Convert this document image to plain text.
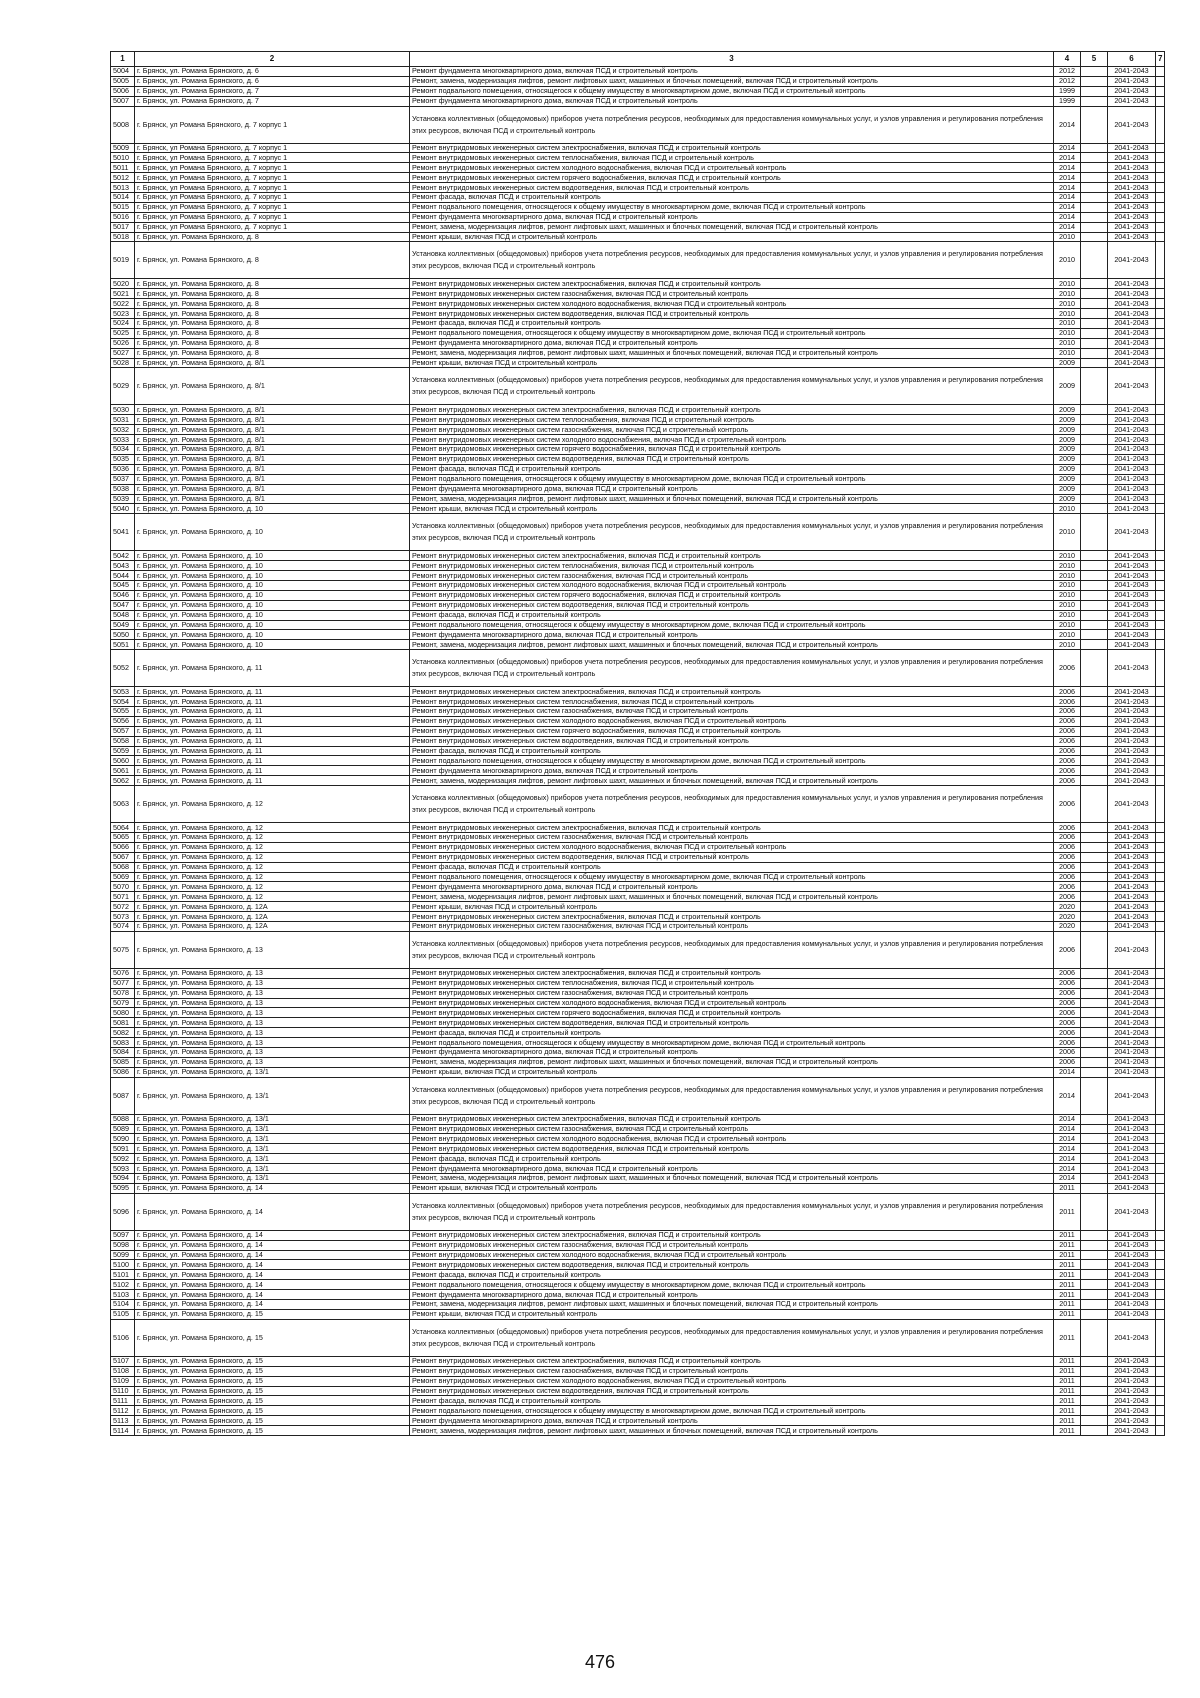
1	2	3	4	5	6	7
5004	г. Брянск, ул. Романа Брянского, д. 6	Ремонт фундамента многоквартирного дома, включая ПСД и строительный контроль	2012		2041-2043	
5005	г. Брянск, ул. Романа Брянского, д. 6	Ремонт, замена, модернизация лифтов, ремонт лифтовых шахт, машинных и блочных помещений, включая ПСД и строительный контроль	2012		2041-2043	
5006	г. Брянск, ул. Романа Брянского, д. 7	Ремонт подвального помещения, относящегося к общему имуществу в многоквартирном доме, включая ПСД и строительный контроль	1999		2041-2043	
5007	г. Брянск, ул. Романа Брянского, д. 7	Ремонт фундамента многоквартирного дома, включая ПСД и строительный контроль	1999		2041-2043	
5008	г. Брянск, ул Романа Брянского, д. 7 корпус 1	Установка коллективных (общедомовых) приборов учета потребления ресурсов, необходимых для предоставления коммунальных услуг, и узлов управления и регулирования потребления этих ресурсов, включая ПСД и строительный контроль	2014		2041-2043	
5009	г. Брянск, ул Романа Брянского, д. 7 корпус 1	Ремонт внутридомовых инженерных систем электроснабжения, включая ПСД и строительный контроль	2014		2041-2043	
5010	г. Брянск, ул Романа Брянского, д. 7 корпус 1	Ремонт внутридомовых инженерных систем теплоснабжения, включая ПСД и строительный контроль	2014		2041-2043	
5011	г. Брянск, ул Романа Брянского, д. 7 корпус 1	Ремонт внутридомовых инженерных систем холодного водоснабжения, включая ПСД и строительный контроль	2014		2041-2043	
5012	г. Брянск, ул Романа Брянского, д. 7 корпус 1	Ремонт внутридомовых инженерных систем горячего водоснабжения, включая ПСД и строительный контроль	2014		2041-2043	
5013	г. Брянск, ул Романа Брянского, д. 7 корпус 1	Ремонт внутридомовых инженерных систем водоотведения, включая ПСД и строительный контроль	2014		2041-2043	
5014	г. Брянск, ул Романа Брянского, д. 7 корпус 1	Ремонт фасада, включая ПСД и строительный контроль	2014		2041-2043	
5015	г. Брянск, ул Романа Брянского, д. 7 корпус 1	Ремонт подвального помещения, относящегося к общему имуществу в многоквартирном доме, включая ПСД и строительный контроль	2014		2041-2043	
5016	г. Брянск, ул Романа Брянского, д. 7 корпус 1	Ремонт фундамента многоквартирного дома, включая ПСД и строительный контроль	2014		2041-2043	
5017	г. Брянск, ул Романа Брянского, д. 7 корпус 1	Ремонт, замена, модернизация лифтов, ремонт лифтовых шахт, машинных и блочных помещений, включая ПСД и строительный контроль	2014		2041-2043	
5018	г. Брянск, ул. Романа Брянского, д. 8	Ремонт крыши, включая ПСД и строительный контроль	2010		2041-2043	
5019	г. Брянск, ул. Романа Брянского, д. 8	Установка коллективных (общедомовых) приборов учета потребления ресурсов, необходимых для предоставления коммунальных услуг, и узлов управления и регулирования потребления этих ресурсов, включая ПСД и строительный контроль	2010		2041-2043	
5020	г. Брянск, ул. Романа Брянского, д. 8	Ремонт внутридомовых инженерных систем электроснабжения, включая ПСД и строительный контроль	2010		2041-2043	
5021	г. Брянск, ул. Романа Брянского, д. 8	Ремонт внутридомовых инженерных систем газоснабжения, включая ПСД и строительный контроль	2010		2041-2043	
5022	г. Брянск, ул. Романа Брянского, д. 8	Ремонт внутридомовых инженерных систем холодного водоснабжения, включая ПСД и строительный контроль	2010		2041-2043	
5023	г. Брянск, ул. Романа Брянского, д. 8	Ремонт внутридомовых инженерных систем водоотведения, включая ПСД и строительный контроль	2010		2041-2043	
5024	г. Брянск, ул. Романа Брянского, д. 8	Ремонт фасада, включая ПСД и строительный контроль	2010		2041-2043	
5025	г. Брянск, ул. Романа Брянского, д. 8	Ремонт подвального помещения, относящегося к общему имуществу в многоквартирном доме, включая ПСД и строительный контроль	2010		2041-2043	
5026	г. Брянск, ул. Романа Брянского, д. 8	Ремонт фундамента многоквартирного дома, включая ПСД и строительный контроль	2010		2041-2043	
5027	г. Брянск, ул. Романа Брянского, д. 8	Ремонт, замена, модернизация лифтов, ремонт лифтовых шахт, машинных и блочных помещений, включая ПСД и строительный контроль	2010		2041-2043	
5028	г. Брянск, ул. Романа Брянского, д. 8/1	Ремонт крыши, включая ПСД и строительный контроль	2009		2041-2043	
5029	г. Брянск, ул. Романа Брянского, д. 8/1	Установка коллективных (общедомовых) приборов учета потребления ресурсов, необходимых для предоставления коммунальных услуг, и узлов управления и регулирования потребления этих ресурсов, включая ПСД и строительный контроль	2009		2041-2043	
5030	г. Брянск, ул. Романа Брянского, д. 8/1	Ремонт внутридомовых инженерных систем электроснабжения, включая ПСД и строительный контроль	2009		2041-2043	
5031	г. Брянск, ул. Романа Брянского, д. 8/1	Ремонт внутридомовых инженерных систем теплоснабжения, включая ПСД и строительный контроль	2009		2041-2043	
5032	г. Брянск, ул. Романа Брянского, д. 8/1	Ремонт внутридомовых инженерных систем газоснабжения, включая ПСД и строительный контроль	2009		2041-2043	
5033	г. Брянск, ул. Романа Брянского, д. 8/1	Ремонт внутридомовых инженерных систем холодного водоснабжения, включая ПСД и строительный контроль	2009		2041-2043	
5034	г. Брянск, ул. Романа Брянского, д. 8/1	Ремонт внутридомовых инженерных систем горячего водоснабжения, включая ПСД и строительный контроль	2009		2041-2043	
5035	г. Брянск, ул. Романа Брянского, д. 8/1	Ремонт внутридомовых инженерных систем водоотведения, включая ПСД и строительный контроль	2009		2041-2043	
5036	г. Брянск, ул. Романа Брянского, д. 8/1	Ремонт фасада, включая ПСД и строительный контроль	2009		2041-2043	
5037	г. Брянск, ул. Романа Брянского, д. 8/1	Ремонт подвального помещения, относящегося к общему имуществу в многоквартирном доме, включая ПСД и строительный контроль	2009		2041-2043	
5038	г. Брянск, ул. Романа Брянского, д. 8/1	Ремонт фундамента многоквартирного дома, включая ПСД и строительный контроль	2009		2041-2043	
5039	г. Брянск, ул. Романа Брянского, д. 8/1	Ремонт, замена, модернизация лифтов, ремонт лифтовых шахт, машинных и блочных помещений, включая ПСД и строительный контроль	2009		2041-2043	
5040	г. Брянск, ул. Романа Брянского, д. 10	Ремонт крыши, включая ПСД и строительный контроль	2010		2041-2043	
5041	г. Брянск, ул. Романа Брянского, д. 10	Установка коллективных (общедомовых) приборов учета потребления ресурсов, необходимых для предоставления коммунальных услуг, и узлов управления и регулирования потребления этих ресурсов, включая ПСД и строительный контроль	2010		2041-2043	
5042	г. Брянск, ул. Романа Брянского, д. 10	Ремонт внутридомовых инженерных систем электроснабжения, включая ПСД и строительный контроль	2010		2041-2043	
5043	г. Брянск, ул. Романа Брянского, д. 10	Ремонт внутридомовых инженерных систем теплоснабжения, включая ПСД и строительный контроль	2010		2041-2043	
5044	г. Брянск, ул. Романа Брянского, д. 10	Ремонт внутридомовых инженерных систем газоснабжения, включая ПСД и строительный контроль	2010		2041-2043	
5045	г. Брянск, ул. Романа Брянского, д. 10	Ремонт внутридомовых инженерных систем холодного водоснабжения, включая ПСД и строительный контроль	2010		2041-2043	
5046	г. Брянск, ул. Романа Брянского, д. 10	Ремонт внутридомовых инженерных систем горячего водоснабжения, включая ПСД и строительный контроль	2010		2041-2043	
5047	г. Брянск, ул. Романа Брянского, д. 10	Ремонт внутридомовых инженерных систем водоотведения, включая ПСД и строительный контроль	2010		2041-2043	
5048	г. Брянск, ул. Романа Брянского, д. 10	Ремонт фасада, включая ПСД и строительный контроль	2010		2041-2043	
5049	г. Брянск, ул. Романа Брянского, д. 10	Ремонт подвального помещения, относящегося к общему имуществу в многоквартирном доме, включая ПСД и строительный контроль	2010		2041-2043	
5050	г. Брянск, ул. Романа Брянского, д. 10	Ремонт фундамента многоквартирного дома, включая ПСД и строительный контроль	2010		2041-2043	
5051	г. Брянск, ул. Романа Брянского, д. 10	Ремонт, замена, модернизация лифтов, ремонт лифтовых шахт, машинных и блочных помещений, включая ПСД и строительный контроль	2010		2041-2043	
5052	г. Брянск, ул. Романа Брянского, д. 11	Установка коллективных (общедомовых) приборов учета потребления ресурсов, необходимых для предоставления коммунальных услуг, и узлов управления и регулирования потребления этих ресурсов, включая ПСД и строительный контроль	2006		2041-2043	
5053	г. Брянск, ул. Романа Брянского, д. 11	Ремонт внутридомовых инженерных систем электроснабжения, включая ПСД и строительный контроль	2006		2041-2043	
5054	г. Брянск, ул. Романа Брянского, д. 11	Ремонт внутридомовых инженерных систем теплоснабжения, включая ПСД и строительный контроль	2006		2041-2043	
5055	г. Брянск, ул. Романа Брянского, д. 11	Ремонт внутридомовых инженерных систем газоснабжения, включая ПСД и строительный контроль	2006		2041-2043	
5056	г. Брянск, ул. Романа Брянского, д. 11	Ремонт внутридомовых инженерных систем холодного водоснабжения, включая ПСД и строительный контроль	2006		2041-2043	
5057	г. Брянск, ул. Романа Брянского, д. 11	Ремонт внутридомовых инженерных систем горячего водоснабжения, включая ПСД и строительный контроль	2006		2041-2043	
5058	г. Брянск, ул. Романа Брянского, д. 11	Ремонт внутридомовых инженерных систем водоотведения, включая ПСД и строительный контроль	2006		2041-2043	
5059	г. Брянск, ул. Романа Брянского, д. 11	Ремонт фасада, включая ПСД и строительный контроль	2006		2041-2043	
5060	г. Брянск, ул. Романа Брянского, д. 11	Ремонт подвального помещения, относящегося к общему имуществу в многоквартирном доме, включая ПСД и строительный контроль	2006		2041-2043	
5061	г. Брянск, ул. Романа Брянского, д. 11	Ремонт фундамента многоквартирного дома, включая ПСД и строительный контроль	2006		2041-2043	
5062	г. Брянск, ул. Романа Брянского, д. 11	Ремонт, замена, модернизация лифтов, ремонт лифтовых шахт, машинных и блочных помещений, включая ПСД и строительный контроль	2006		2041-2043	
5063	г. Брянск, ул. Романа Брянского, д. 12	Установка коллективных (общедомовых) приборов учета потребления ресурсов, необходимых для предоставления коммунальных услуг, и узлов управления и регулирования потребления этих ресурсов, включая ПСД и строительный контроль	2006		2041-2043	
5064	г. Брянск, ул. Романа Брянского, д. 12	Ремонт внутридомовых инженерных систем электроснабжения, включая ПСД и строительный контроль	2006		2041-2043	
5065	г. Брянск, ул. Романа Брянского, д. 12	Ремонт внутридомовых инженерных систем газоснабжения, включая ПСД и строительный контроль	2006		2041-2043	
5066	г. Брянск, ул. Романа Брянского, д. 12	Ремонт внутридомовых инженерных систем холодного водоснабжения, включая ПСД и строительный контроль	2006		2041-2043	
5067	г. Брянск, ул. Романа Брянского, д. 12	Ремонт внутридомовых инженерных систем водоотведения, включая ПСД и строительный контроль	2006		2041-2043	
5068	г. Брянск, ул. Романа Брянского, д. 12	Ремонт фасада, включая ПСД и строительный контроль	2006		2041-2043	
5069	г. Брянск, ул. Романа Брянского, д. 12	Ремонт подвального помещения, относящегося к общему имуществу в многоквартирном доме, включая ПСД и строительный контроль	2006		2041-2043	
5070	г. Брянск, ул. Романа Брянского, д. 12	Ремонт фундамента многоквартирного дома, включая ПСД и строительный контроль	2006		2041-2043	
5071	г. Брянск, ул. Романа Брянского, д. 12	Ремонт, замена, модернизация лифтов, ремонт лифтовых шахт, машинных и блочных помещений, включая ПСД и строительный контроль	2006		2041-2043	
5072	г. Брянск, ул. Романа Брянского, д. 12А	Ремонт крыши, включая ПСД и строительный контроль	2020		2041-2043	
5073	г. Брянск, ул. Романа Брянского, д. 12А	Ремонт внутридомовых инженерных систем электроснабжения, включая ПСД и строительный контроль	2020		2041-2043	
5074	г. Брянск, ул. Романа Брянского, д. 12А	Ремонт внутридомовых инженерных систем газоснабжения, включая ПСД и строительный контроль	2020		2041-2043	
5075	г. Брянск, ул. Романа Брянского, д. 13	Установка коллективных (общедомовых) приборов учета потребления ресурсов, необходимых для предоставления коммунальных услуг, и узлов управления и регулирования потребления этих ресурсов, включая ПСД и строительный контроль	2006		2041-2043	
5076	г. Брянск, ул. Романа Брянского, д. 13	Ремонт внутридомовых инженерных систем электроснабжения, включая ПСД и строительный контроль	2006		2041-2043	
5077	г. Брянск, ул. Романа Брянского, д. 13	Ремонт внутридомовых инженерных систем теплоснабжения, включая ПСД и строительный контроль	2006		2041-2043	
5078	г. Брянск, ул. Романа Брянского, д. 13	Ремонт внутридомовых инженерных систем газоснабжения, включая ПСД и строительный контроль	2006		2041-2043	
5079	г. Брянск, ул. Романа Брянского, д. 13	Ремонт внутридомовых инженерных систем холодного водоснабжения, включая ПСД и строительный контроль	2006		2041-2043	
5080	г. Брянск, ул. Романа Брянского, д. 13	Ремонт внутридомовых инженерных систем горячего водоснабжения, включая ПСД и строительный контроль	2006		2041-2043	
5081	г. Брянск, ул. Романа Брянского, д. 13	Ремонт внутридомовых инженерных систем водоотведения, включая ПСД и строительный контроль	2006		2041-2043	
5082	г. Брянск, ул. Романа Брянского, д. 13	Ремонт фасада, включая ПСД и строительный контроль	2006		2041-2043	
5083	г. Брянск, ул. Романа Брянского, д. 13	Ремонт подвального помещения, относящегося к общему имуществу в многоквартирном доме, включая ПСД и строительный контроль	2006		2041-2043	
5084	г. Брянск, ул. Романа Брянского, д. 13	Ремонт фундамента многоквартирного дома, включая ПСД и строительный контроль	2006		2041-2043	
5085	г. Брянск, ул. Романа Брянского, д. 13	Ремонт, замена, модернизация лифтов, ремонт лифтовых шахт, машинных и блочных помещений, включая ПСД и строительный контроль	2006		2041-2043	
5086	г. Брянск, ул. Романа Брянского, д. 13/1	Ремонт крыши, включая ПСД и строительный контроль	2014		2041-2043	
5087	г. Брянск, ул. Романа Брянского, д. 13/1	Установка коллективных (общедомовых) приборов учета потребления ресурсов, необходимых для предоставления коммунальных услуг, и узлов управления и регулирования потребления этих ресурсов, включая ПСД и строительный контроль	2014		2041-2043	
5088	г. Брянск, ул. Романа Брянского, д. 13/1	Ремонт внутридомовых инженерных систем электроснабжения, включая ПСД и строительный контроль	2014		2041-2043	
5089	г. Брянск, ул. Романа Брянского, д. 13/1	Ремонт внутридомовых инженерных систем газоснабжения, включая ПСД и строительный контроль	2014		2041-2043	
5090	г. Брянск, ул. Романа Брянского, д. 13/1	Ремонт внутридомовых инженерных систем холодного водоснабжения, включая ПСД и строительный контроль	2014		2041-2043	
5091	г. Брянск, ул. Романа Брянского, д. 13/1	Ремонт внутридомовых инженерных систем водоотведения, включая ПСД и строительный контроль	2014		2041-2043	
5092	г. Брянск, ул. Романа Брянского, д. 13/1	Ремонт фасада, включая ПСД и строительный контроль	2014		2041-2043	
5093	г. Брянск, ул. Романа Брянского, д. 13/1	Ремонт фундамента многоквартирного дома, включая ПСД и строительный контроль	2014		2041-2043	
5094	г. Брянск, ул. Романа Брянского, д. 13/1	Ремонт, замена, модернизация лифтов, ремонт лифтовых шахт, машинных и блочных помещений, включая ПСД и строительный контроль	2014		2041-2043	
5095	г. Брянск, ул. Романа Брянского, д. 14	Ремонт крыши, включая ПСД и строительный контроль	2011		2041-2043	
5096	г. Брянск, ул. Романа Брянского, д. 14	Установка коллективных (общедомовых) приборов учета потребления ресурсов, необходимых для предоставления коммунальных услуг, и узлов управления и регулирования потребления этих ресурсов, включая ПСД и строительный контроль	2011		2041-2043	
5097	г. Брянск, ул. Романа Брянского, д. 14	Ремонт внутридомовых инженерных систем электроснабжения, включая ПСД и строительный контроль	2011		2041-2043	
5098	г. Брянск, ул. Романа Брянского, д. 14	Ремонт внутридомовых инженерных систем газоснабжения, включая ПСД и строительный контроль	2011		2041-2043	
5099	г. Брянск, ул. Романа Брянского, д. 14	Ремонт внутридомовых инженерных систем холодного водоснабжения, включая ПСД и строительный контроль	2011		2041-2043	
5100	г. Брянск, ул. Романа Брянского, д. 14	Ремонт внутридомовых инженерных систем водоотведения, включая ПСД и строительный контроль	2011		2041-2043	
5101	г. Брянск, ул. Романа Брянского, д. 14	Ремонт фасада, включая ПСД и строительный контроль	2011		2041-2043	
5102	г. Брянск, ул. Романа Брянского, д. 14	Ремонт подвального помещения, относящегося к общему имуществу в многоквартирном доме, включая ПСД и строительный контроль	2011		2041-2043	
5103	г. Брянск, ул. Романа Брянского, д. 14	Ремонт фундамента многоквартирного дома, включая ПСД и строительный контроль	2011		2041-2043	
5104	г. Брянск, ул. Романа Брянского, д. 14	Ремонт, замена, модернизация лифтов, ремонт лифтовых шахт, машинных и блочных помещений, включая ПСД и строительный контроль	2011		2041-2043	
5105	г. Брянск, ул. Романа Брянского, д. 15	Ремонт крыши, включая ПСД и строительный контроль	2011		2041-2043	
5106	г. Брянск, ул. Романа Брянского, д. 15	Установка коллективных (общедомовых) приборов учета потребления ресурсов, необходимых для предоставления коммунальных услуг, и узлов управления и регулирования потребления этих ресурсов, включая ПСД и строительный контроль	2011		2041-2043	
5107	г. Брянск, ул. Романа Брянского, д. 15	Ремонт внутридомовых инженерных систем электроснабжения, включая ПСД и строительный контроль	2011		2041-2043	
5108	г. Брянск, ул. Романа Брянского, д. 15	Ремонт внутридомовых инженерных систем газоснабжения, включая ПСД и строительный контроль	2011		2041-2043	
5109	г. Брянск, ул. Романа Брянского, д. 15	Ремонт внутридомовых инженерных систем холодного водоснабжения, включая ПСД и строительный контроль	2011		2041-2043	
5110	г. Брянск, ул. Романа Брянского, д. 15	Ремонт внутридомовых инженерных систем водоотведения, включая ПСД и строительный контроль	2011		2041-2043	
5111	г. Брянск, ул. Романа Брянского, д. 15	Ремонт фасада, включая ПСД и строительный контроль	2011		2041-2043	
5112	г. Брянск, ул. Романа Брянского, д. 15	Ремонт подвального помещения, относящегося к общему имуществу в многоквартирном доме, включая ПСД и строительный контроль	2011		2041-2043	
5113	г. Брянск, ул. Романа Брянского, д. 15	Ремонт фундамента многоквартирного дома, включая ПСД и строительный контроль	2011		2041-2043	
5114	г. Брянск, ул. Романа Брянского, д. 15	Ремонт, замена, модернизация лифтов, ремонт лифтовых шахт, машинных и блочных помещений, включая ПСД и строительный контроль	2011		2041-2043	
476
